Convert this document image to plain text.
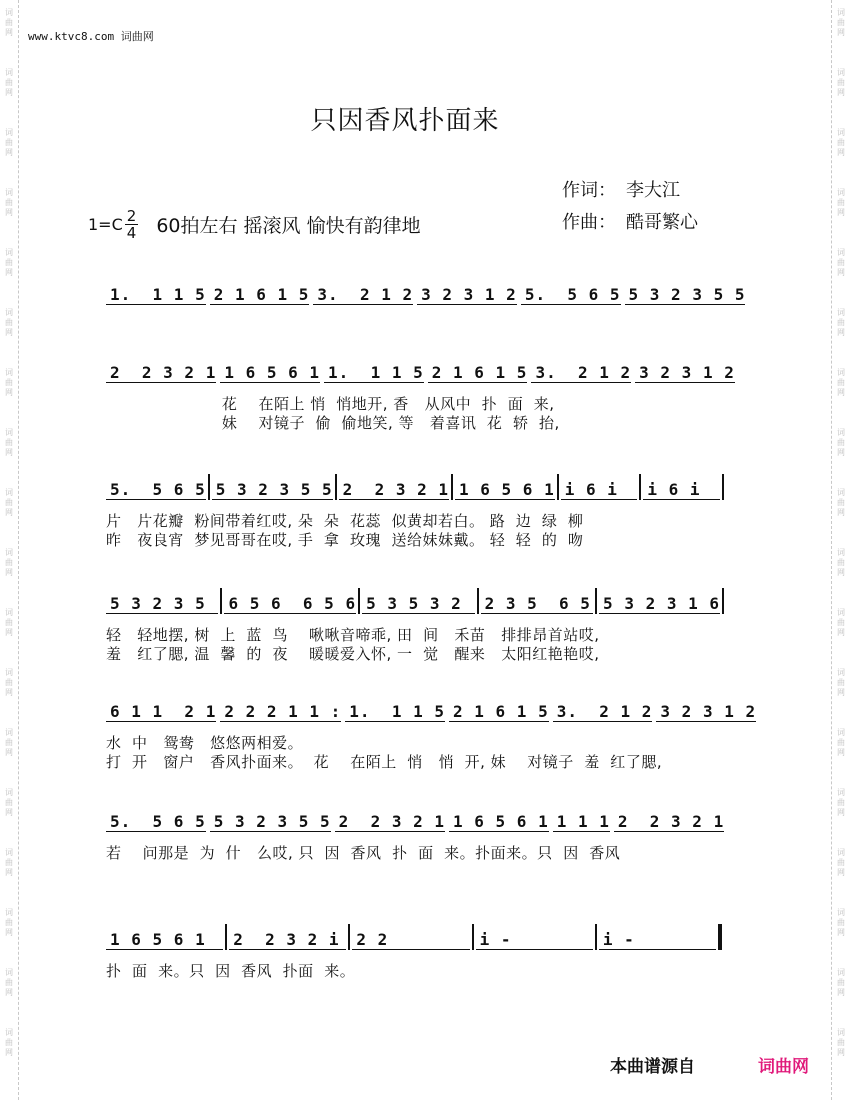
词
曲
网
词
曲
网
词
曲
网
词
曲
网
词
曲
网
词
曲
网
词
曲
网
词
曲
网
词
曲
网
词
曲
网
词
曲
网
词
曲
网
词
曲
网
词
曲
网
词
曲
网
词
曲
网
词
曲
网
词
曲
网
词
曲
网
词
曲
网
词
曲
网
词
曲
网
词
曲
网
词
曲
网
词
曲
网
词
曲
网
词
曲
网
词
曲
网
词
曲
网
词
曲
网
词
曲
网
词
曲
网
词
曲
网
词
曲
网
词
曲
网
词
曲
网
www.ktvc8.com 词曲网
只因香风扑面来
作词： 李大江
作曲： 酷哥繁心
$1=C \frac{2}{4} 60$拍左右 摇滚风 愉快有韵律地
1.  1 1 5 2 1 6 1 5 3.  2 1 2 3 2 3 1 2 5.  5 6 5 5 3 2 3 5 5
2  2 3 2 1 1 6 5 6 1 1.  1 1 5 2 1 6 1 5 3.  2 1 2 3 2 3 1 2
花    在陌上 悄  悄地开, 香   从风中  扑  面  来,
妹    对镜子  偷  偷地笑, 等   着喜讯  花  轿  抬,
5.  5 6 5 5 3 2 3 5 5 2  2 3 2 1 1 6 5 6 1 i 6 i	i 6 i
片   片花瓣  粉间带着红哎, 朵  朵  花蕊  似黄却若白。 路  边  绿  柳
昨   夜良宵  梦见哥哥在哎, 手  拿  玫瑰  送给妹妹戴。 轻  轻  的  吻
5 3 2 3 5	6 5 6  6 5 6 5 3 5 3 2	2 3 5  6 5 5 3 2 3 1 6
轻   轻地摆, 树  上  蓝  鸟    啾啾音啼乖, 田  间   禾苗   排排昂首站哎,
羞   红了腮, 温  馨  的  夜    暖暖爱入怀, 一  觉   醒来   太阳红艳艳哎,
6 1 1  2 1 2 2 2 1 1 : 1.  1 1 5 2 1 6 1 5 3.  2 1 2 3 2 3 1 2
水  中   鸳鸯   悠悠两相爱。
打  开   窗户   香风扑面来。  花    在陌上  悄   悄  开, 妹    对镜子  羞  红了腮,
5.  5 6 5 5 3 2 3 5 5 2  2 3 2 1 1 6 5 6 1 1 1 1 2  2 3 2 1
若    问那是  为  什   么哎, 只  因  香风  扑  面  来。扑面来。只  因  香风
1 6 5 6 1	2  2 3 2 i	2 2	i -	i -
扑  面  来。只  因  香风  扑面  来。
本曲谱源自	词曲网
